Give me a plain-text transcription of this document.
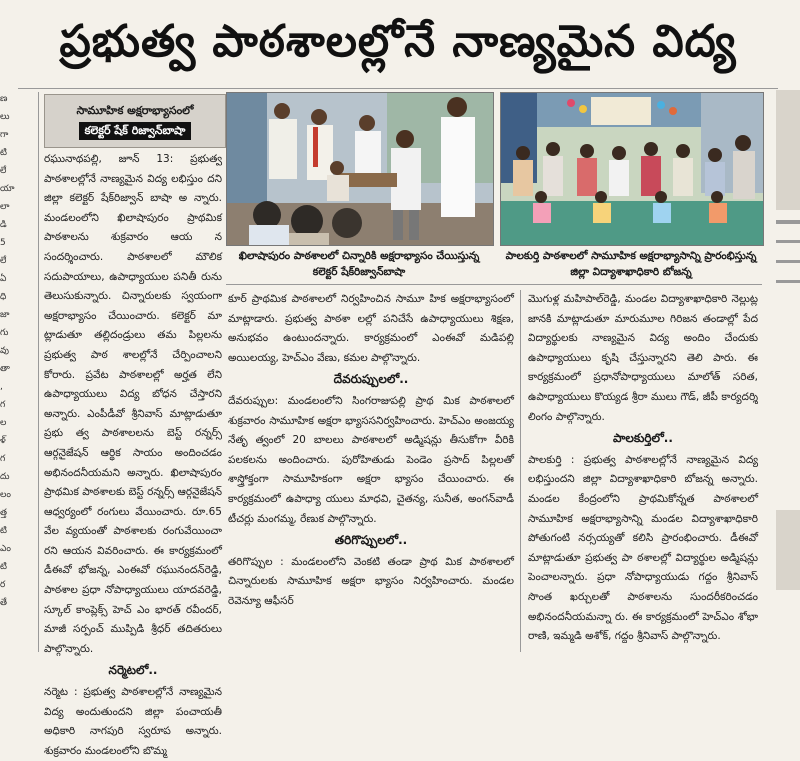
ణ
లు
గా
టి
లే
యా
లా
డి
5
లే
ఏ
ధి
జా
గు
వు
తా
,
గ
ల
ళ్
గ
దు
లం
త్త
టి
ఎం
టి
ర
తే
ప్రభుత్వ పాఠశాలల్లోనే నాణ్యమైన విద్య
సామూహిక అక్షరాభ్యాసంలో
కలెక్టర్ షేక్ రిజ్వాన్‌బాషా
ఖిలాషాపురం పాఠశాలలో చిన్నారికి అక్షరాభ్యాసం చేయిస్తున్న కలెక్టర్ షేక్‌రిజ్వాన్‌బాషా
పాలకుర్తి పాఠశాలలో సామూహిక అక్షరాభ్యాసాన్ని ప్రారంభిస్తున్న జిల్లా విద్యాశాఖాధికారి బోజన్న

రఘునాథపల్లి, జూన్ 13: ప్రభుత్వ పాఠశాలల్లోనే నాణ్యమైన విద్య లభిస్తుం దని జిల్లా కలెక్టర్ షేక్‌రిజ్వాన్ బాషా అ న్నారు. మండలంలోని ఖిలాషాపురం ప్రాథమిక పాఠశాలను శుక్రవారం ఆయ న సందర్శించారు. పాఠశాలలో మౌలిక సదుపాయాలు, ఉపాధ్యాయుల పనితీ రును తెలుసుకున్నారు. చిన్నారులకు స్వయంగా అక్షరాభ్యాసం చేయించారు. కలెక్టర్ మా ట్లాడుతూ తల్లిదండ్రులు తమ పిల్లలను ప్రభుత్వ పాఠ శాలల్లోనే చేర్పించాలని కోరారు. ప్రవేట పాఠశాలల్లో అర్హత లేని ఉపాధ్యాయులు విద్య బోధన చేస్తారని అన్నారు. ఎంపీడీవో శ్రీనివాస్ మాట్లాడుతూ ప్రభు త్వ పాఠశాలలను బెస్ట్ రన్నర్స్ ఆర్గనైజేషన్ ఆర్థిక సాయం అందించడం అభినందనీయమని అన్నారు. ఖిలాషాపురం ప్రాథమిక పాఠశాలకు బెస్ట్ రన్నర్స్ ఆర్గనైజేషన్ ఆధ్వర్యంలో రంగులు వేయించారు. రూ.65 వేల వ్యయంతో పాఠశాలకు రంగువేయించా రని ఆయన వివరించారు. ఈ కార్యక్రమంలో డీఈవో భోజన్న, ఎంఈవో రఘునందన్‌రెడ్డి, పాఠశాల ప్రధా నోపాధ్యాయులు యాదవరెడ్డి, స్కూల్ కాంప్లెక్స్ హెచ్ ఎం భారత్ రవీందర్, మాజీ సర్పంచ్ ముప్పిడి శ్రీధర్ తదితరులు పాల్గొన్నారు.

నర్మెటలో..

నర్మెట : ప్రభుత్వ పాఠశాలల్లోనే నాణ్యమైన విద్య అందుతుందని జిల్లా పంచాయతీ అధికారి నాగపురి స్వరూప అన్నారు. శుక్రవారం మండలంలోని బొమ్మ

కూర్ ప్రాథమిక పాఠశాలలో నిర్వహించిన సామూ హిక అక్షరాభ్యాసంలో మాట్లాడారు. ప్రభుత్వ పాఠశా లల్లో పనిచేసే ఉపాధ్యాయులు శిక్షణ, అనుభవం ఉంటుందన్నారు. కార్యక్రమంలో ఎంఈవో మడిపల్లి అయిలయ్య, హెచ్‌ఎం వేణు, కమల పాల్గొన్నారు.

దేవరుప్పులలో..

దేవరుప్పుల: మండలంలోని సింగరాజుపల్లి ప్రాథ మిక పాఠశాలలో శుక్రవారం సామూహిక అక్షరా భ్యాససనిర్వహించారు. హెచ్‌ఎం అంజయ్య నేతృ త్వంలో 20 బాలలు పాఠశాలలో అడ్మిషన్లు తీసుకోగా వీరికి పలకలను అందించారు. పురోహితుడు పెండెం ప్రసాద్ పిల్లలతో శాస్త్రోక్తంగా సామూహికంగా అక్షరా భ్యాసం చేయించారు. ఈ కార్యక్రమంలో ఉపాధ్యా యులు మాధవి, చైతన్య, సునీత, అంగన్‌వాడీ టీచర్లు మంగమ్మ, రేణుక పాల్గొన్నారు.

తరిగొప్పులలో..

తరిగొప్పుల : మండలంలోని వెంకటి తండా ప్రాథ మిక పాఠశాలలో చిన్నారులకు సామూహిక అక్షరా భ్యాసం నిర్వహించారు. మండల రెవెన్యూ ఆఫీసర్

మొగుళ్ల మహిపాల్‌రెడ్డి, మండల విద్యాశాఖాధికారి నెల్లుట్ల జానకి మాట్లాడుతూ మారుమూల గిరిజన తండాల్లో పేద విద్యార్థులకు నాణ్యమైన విద్య అందిం చేందుకు ఉపాధ్యాయులు కృషి చేస్తున్నారని తెలి పారు. ఈ కార్యక్రమంలో ప్రధానోపాధ్యాయులు మాలోత్ సరిత, ఉపాధ్యాయులు కొయ్యడ శ్రీరా ములు గౌడ్, జీపీ కార్యదర్శి లింగం పాల్గొన్నారు.

పాలకుర్తిలో..

పాలకుర్తి : ప్రభుత్వ పాఠశాలల్లోనే నాణ్యమైన విద్య లభిస్తుందని జిల్లా విద్యాశాఖాధికారి బోజన్న అన్నారు. మండల కేంద్రంలోని ప్రాథమికోన్నత పాఠశాలలో సామూహిక అక్షరాభ్యాసాన్ని మండల విద్యాశాఖాధికారి పోతుగంటి నర్సయ్యతో కలిసి ప్రారంభించారు. డీఈవో మాట్లాడుతూ ప్రభుత్వ పా ఠశాలల్లో విద్యార్థుల అడ్మిషన్లు పెంచాలన్నారు. ప్రధా నోపాధ్యాయుడు గద్దం శ్రీనివాస్ సొంత ఖర్చులతో పాఠశాలను సుందరీకరించడం అభినందనీయమన్నా రు. ఈ కార్యక్రమంలో హెచ్‌ఎం శోభా రాణి, ఇమ్మడి అశోక్, గద్దం శ్రీనివాస్ పాల్గొన్నారు.
